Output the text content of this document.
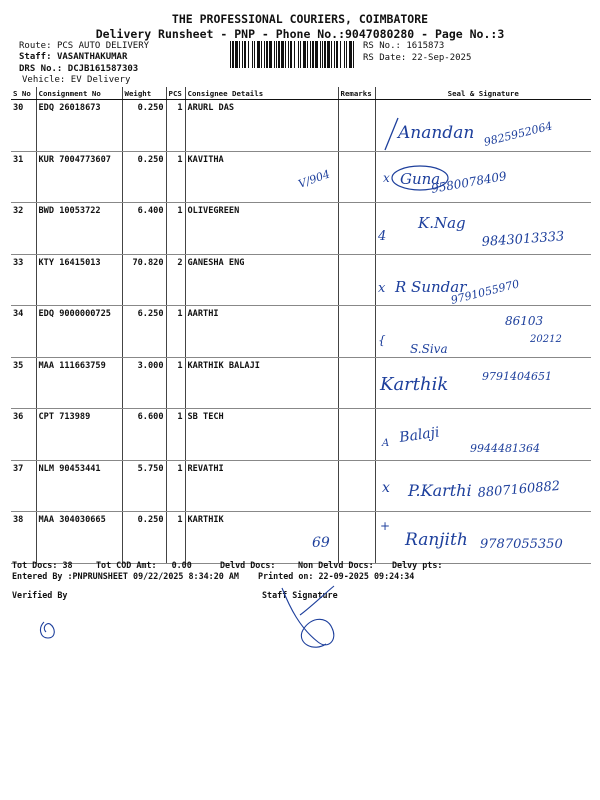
THE PROFESSIONAL COURIERS, COIMBATORE
Delivery Runsheet - PNP - Phone No.:9047080280 - Page No.:3
Route: PCS AUTO DELIVERY
Staff: VASANTHAKUMAR
DRS No.: DCJB161587303
Vehicle: EV Delivery
RS No.: 1615873
RS Date: 22-Sep-2025
S No	Consignment No	Weight	PCS	Consignee Details	Remarks	Seal & Signature
30	EDQ 26018673	0.250	1	ARURL DAS		
31	KUR 7004773607	0.250	1	KAVITHA		
32	BWD 10053722	6.400	1	OLIVEGREEN		
33	KTY 16415013	70.820	2	GANESHA ENG		
34	EDQ 9000000725	6.250	1	AARTHI		
35	MAA 111663759	3.000	1	KARTHIK BALAJI		
36	CPT 713989	6.600	1	SB TECH		
37	NLM 90453441	5.750	1	REVATHI		
38	MAA 304030665	0.250	1	KARTHIK		
Tot Docs: 38	Tot COD Amt: 0.00	Delvd Docs:	Non Delvd Docs: Delvy pts:
Entered By :PNPRUNSHEET 09/22/2025 8:34:20 AM Printed on: 22-09-2025 09:24:34
Verified By	Staff Signature
Anandan 9825952064
x Guna
9580078409
V/904
4
K.Nag
9843013333
x R Sundar
9791055970
86103
20212
{
S.Siva
Karthik	9791404651
A Balaji
9944481364
x P.Karthi 8807160882
+
Ranjith 9787055350
69
